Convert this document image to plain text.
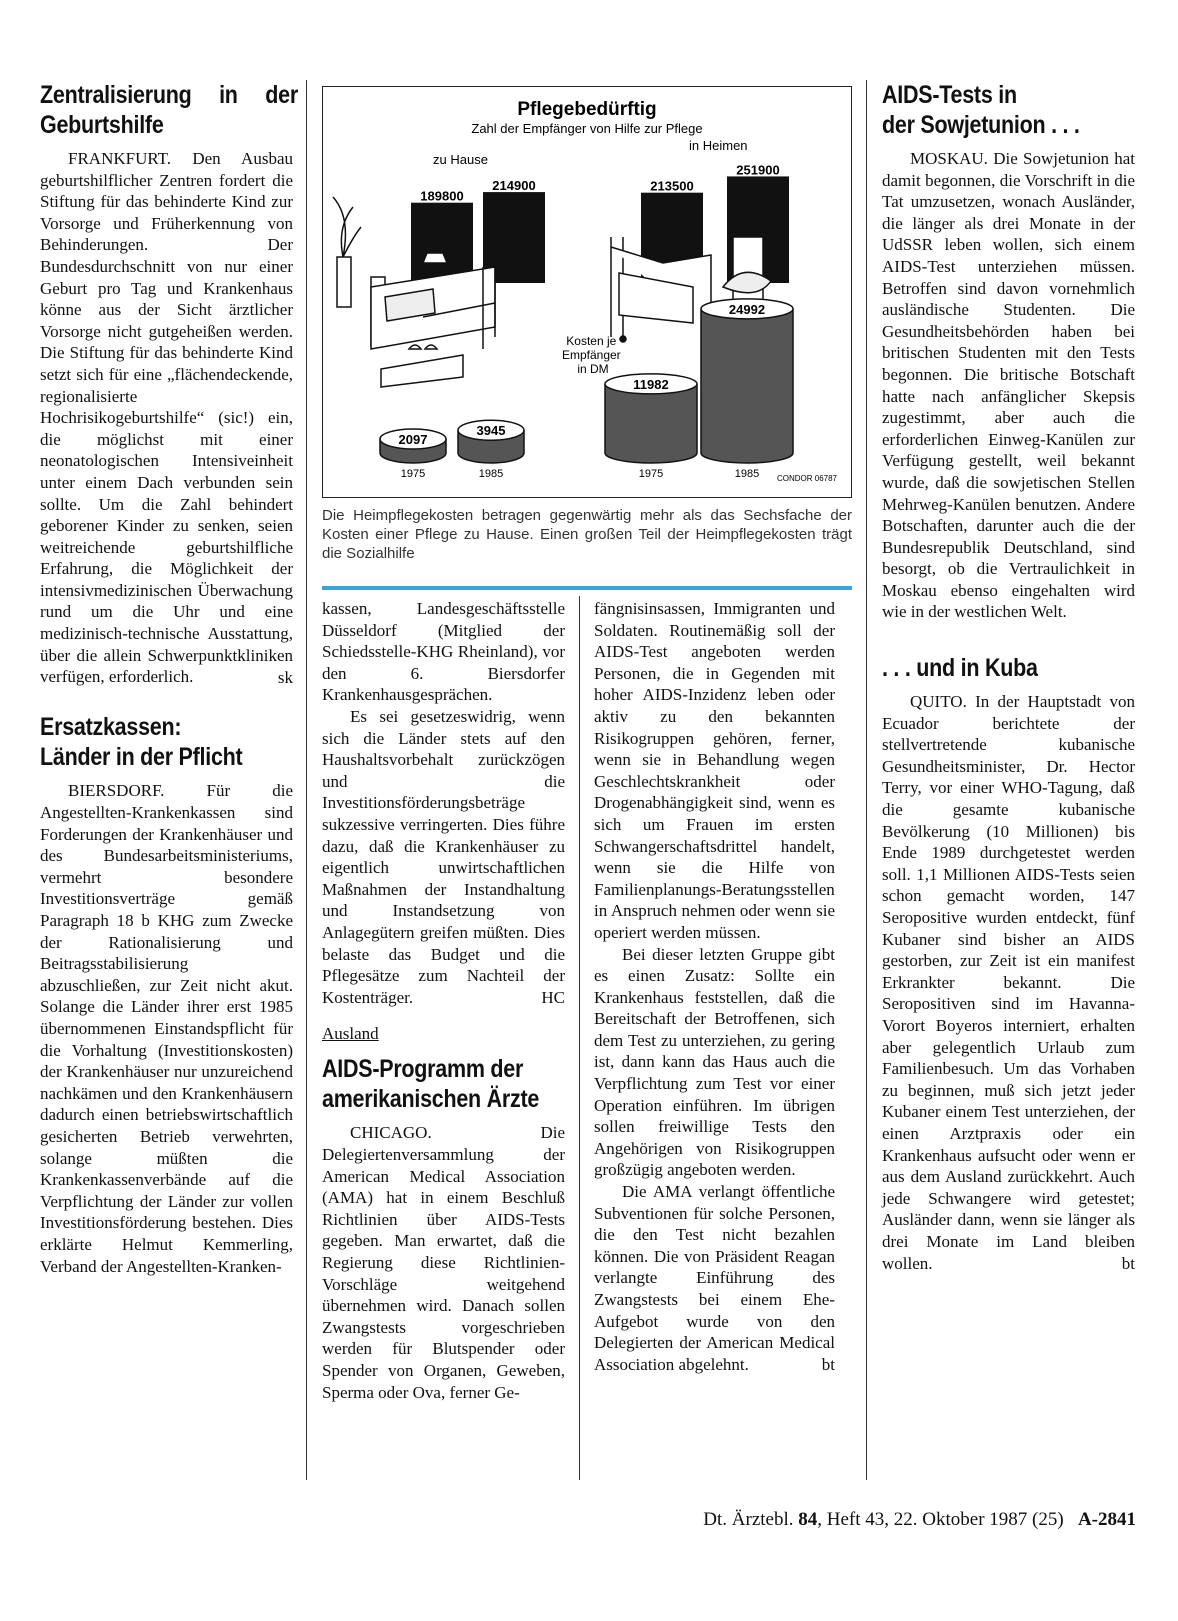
Zentralisierung in der Geburtshilfe

FRANKFURT. Den Ausbau geburtshilflicher Zentren fordert die Stiftung für das behinderte Kind zur Vorsorge und Früherkennung von Behinderungen. Der Bundesdurchschnitt von nur einer Geburt pro Tag und Krankenhaus könne aus der Sicht ärztlicher Vorsorge nicht gutgeheißen werden. Die Stiftung für das behinderte Kind setzt sich für eine „flächendeckende, regionalisierte Hochrisikogeburtshilfe“ (sic!) ein, die möglichst mit einer neonatologischen Intensiveinheit unter einem Dach verbunden sein sollte. Um die Zahl behindert geborener Kinder zu senken, seien weitreichende geburtshilfliche Erfahrung, die Möglichkeit der intensivmedizinischen Überwachung rund um die Uhr und eine medizinisch-technische Ausstattung, über die allein Schwerpunktkliniken verfügen, erforderlich.	sk

Ersatzkassen:
Länder in der Pflicht

BIERSDORF. Für die Angestellten-Krankenkassen sind Forderungen der Krankenhäuser und des Bundesarbeitsministeriums, vermehrt besondere Investitionsverträge gemäß Paragraph 18 b KHG zum Zwecke der Rationalisierung und Beitragsstabilisierung abzuschließen, zur Zeit nicht akut. Solange die Länder ihrer erst 1985 übernommenen Einstandspflicht für die Vorhaltung (Investitionskosten) der Krankenhäuser nur unzureichend nachkämen und den Krankenhäusern dadurch einen betriebswirtschaftlich gesicherten Betrieb verwehrten, solange müßten die Krankenkassenverbände auf die Verpflichtung der Länder zur vollen Investitionsförderung bestehen. Dies erklärte Helmut Kemmerling, Verband der Angestellten-Kranken-

Pflegebedürftig
Zahl der Empfänger von Hilfe zur Pflege
zu Hause
in Heimen
189800
214900	213500
251900
Kosten je Empfänger in DM
2097
1975
3945
1985
11982
1975
24992
1985 CONDOR 06787
Die Heimpflegekosten betragen gegenwärtig mehr als das Sechsfache der Kosten einer Pflege zu Hause. Einen großen Teil der Heimpflegekosten trägt die Sozialhilfe

kassen, Landesgeschäftsstelle Düsseldorf (Mitglied der Schiedsstelle-KHG Rheinland), vor den 6. Biersdorfer Krankenhausgesprächen.

Es sei gesetzeswidrig, wenn sich die Länder stets auf den Haushaltsvorbehalt zurückzögen und die Investitionsförderungsbeträge sukzessive verringerten. Dies führe dazu, daß die Krankenhäuser zu eigentlich unwirtschaftlichen Maßnahmen der Instandhaltung und Instandsetzung von Anlagegütern greifen müßten. Dies belaste das Budget und die Pflegesätze zum Nachteil der Kostenträger.	HC

Ausland
AIDS-Programm der
amerikanischen Ärzte

CHICAGO. Die Delegiertenversammlung der American Medical Association (AMA) hat in einem Beschluß Richtlinien über AIDS-Tests gegeben. Man erwartet, daß die Regierung diese Richtlinien-Vorschläge weitgehend übernehmen wird. Danach sollen Zwangstests vorgeschrieben werden für Blutspender oder Spender von Organen, Geweben, Sperma oder Ova, ferner Ge-

fängnisinsassen, Immigranten und Soldaten. Routinemäßig soll der AIDS-Test angeboten werden Personen, die in Gegenden mit hoher AIDS-Inzidenz leben oder aktiv zu den bekannten Risikogruppen gehören, ferner, wenn sie in Behandlung wegen Geschlechtskrankheit oder Drogenabhängigkeit sind, wenn es sich um Frauen im ersten Schwangerschaftsdrittel handelt, wenn sie die Hilfe von Familienplanungs-Beratungsstellen in Anspruch nehmen oder wenn sie operiert werden müssen.

Bei dieser letzten Gruppe gibt es einen Zusatz: Sollte ein Krankenhaus feststellen, daß die Bereitschaft der Betroffenen, sich dem Test zu unterziehen, zu gering ist, dann kann das Haus auch die Verpflichtung zum Test vor einer Operation einführen. Im übrigen sollen freiwillige Tests den Angehörigen von Risikogruppen großzügig angeboten werden.

Die AMA verlangt öffentliche Subventionen für solche Personen, die den Test nicht bezahlen können. Die von Präsident Reagan verlangte Einführung des Zwangstests bei einem Ehe-Aufgebot wurde von den Delegierten der American Medical Association abgelehnt.	bt

AIDS-Tests in
der Sowjetunion . . .

MOSKAU. Die Sowjetunion hat damit begonnen, die Vorschrift in die Tat umzusetzen, wonach Ausländer, die länger als drei Monate in der UdSSR leben wollen, sich einem AIDS-Test unterziehen müssen. Betroffen sind davon vornehmlich ausländische Studenten. Die Gesundheitsbehörden haben bei britischen Studenten mit den Tests begonnen. Die britische Botschaft hatte nach anfänglicher Skepsis zugestimmt, aber auch die erforderlichen Einweg-Kanülen zur Verfügung gestellt, weil bekannt wurde, daß die sowjetischen Stellen Mehrweg-Kanülen benutzen. Andere Botschaften, darunter auch die der Bundesrepublik Deutschland, sind besorgt, ob die Vertraulichkeit in Moskau ebenso eingehalten wird wie in der westlichen Welt.

. . . und in Kuba

QUITO. In der Hauptstadt von Ecuador berichtete der stellvertretende kubanische Gesundheitsminister, Dr. Hector Terry, vor einer WHO-Tagung, daß die gesamte kubanische Bevölkerung (10 Millionen) bis Ende 1989 durchgetestet werden soll. 1,1 Millionen AIDS-Tests seien schon gemacht worden, 147 Seropositive wurden entdeckt, fünf Kubaner sind bisher an AIDS gestorben, zur Zeit ist ein manifest Erkrankter bekannt. Die Seropositiven sind im Havanna-Vorort Boyeros interniert, erhalten aber gelegentlich Urlaub zum Familienbesuch. Um das Vorhaben zu beginnen, muß sich jetzt jeder Kubaner einem Test unterziehen, der einen Arztpraxis oder ein Krankenhaus aufsucht oder wenn er aus dem Ausland zurückkehrt. Auch jede Schwangere wird getestet; Ausländer dann, wenn sie länger als drei Monate im Land bleiben wollen.	bt

Dt. Ärztebl. 84, Heft 43, 22. Oktober 1987 (25) A-2841
